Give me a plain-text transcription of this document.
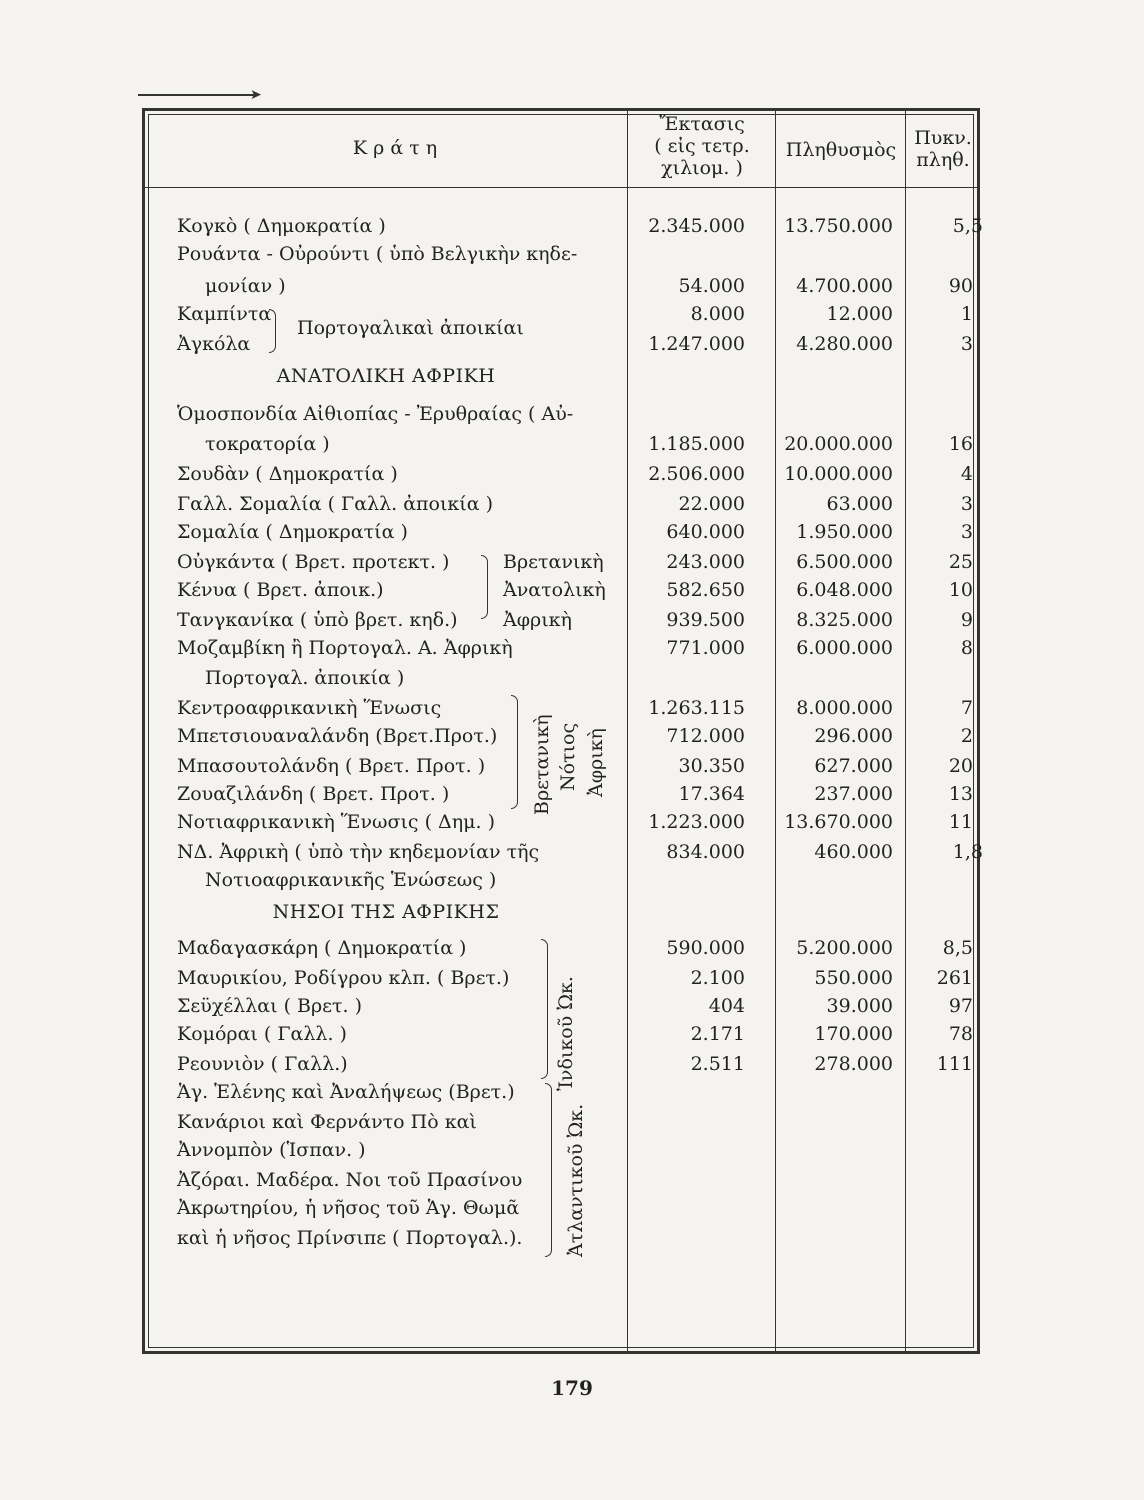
➤
Κ ρ ά τ η
Ἔκτασις
( εἰς τετρ.
χιλιομ. )
Πληθυσμὸς
Πυκν.
πληθ.
Κογκὸ ( Δημοκρατία )	2.345.000 13.750.000	5,5
Ρουάντα - Οὐρούντι ( ὑπὸ Βελγικὴν κηδε-
μονίαν )	54.000	4.700.000	90
Καμπίντα	8.000	12.000	1
Πορτογαλικαὶ ἀποικίαι
Ἀγκόλα	1.247.000	4.280.000	3
ΑΝΑΤΟΛΙΚΗ ΑΦΡΙΚΗ
Ὁμοσπονδία Αἰθιοπίας - Ἐρυθραίας ( Αὐ-
τοκρατορία )	1.185.000 20.000.000	16
Σουδὰν ( Δημοκρατία )	2.506.000 10.000.000	4
Γαλλ. Σομαλία ( Γαλλ. ἀποικία )	22.000	63.000	3
Σομαλία ( Δημοκρατία )	640.000	1.950.000	3
Οὐγκάντα ( Βρετ. προτεκτ. )	Βρετανικὴ	243.000	6.500.000	25
Κένυα ( Βρετ. ἀποικ.)	Ἀνατολικὴ	582.650	6.048.000	10
Τανγκανίκα ( ὑπὸ βρετ. κηδ.) Ἀφρικὴ	939.500	8.325.000	9
Μοζαμβίκη ἢ Πορτογαλ. Α. Ἀφρικὴ	771.000	6.000.000	8
Πορτογαλ. ἀποικία )
Κεντροαφρικανικὴ Ἕνωσις	1.263.115	8.000.000	7
Μπετσιουαναλάνδη (Βρετ.Προτ.)	712.000	296.000	2
Μπασουτολάνδη ( Βρετ. Προτ. )	30.350	627.000	20
Ζουαζιλάνδη ( Βρετ. Προτ. )	17.364	237.000	13
Βρετανικὴ Νότιος Ἀφρικὴ
Νοτιαφρικανικὴ Ἕνωσις ( Δημ. )	1.223.000 13.670.000	11
ΝΔ. Ἀφρικὴ ( ὑπὸ τὴν κηδεμονίαν τῆς	834.000	460.000	1,8
Νοτιοαφρικανικῆς Ἑνώσεως )
ΝΗΣΟΙ ΤΗΣ ΑΦΡΙΚΗΣ
Μαδαγασκάρη ( Δημοκρατία )	590.000	5.200.000	8,5
Μαυρικίου, Ροδίγρου κλπ. ( Βρετ.)	2.100	550.000 261
Σεϋχέλλαι ( Βρετ. )	404	39.000	97
Κομόραι ( Γαλλ. )	2.171	170.000	78
Ρεουνιὸν ( Γαλλ.)	2.511	278.000 111
Ἰνδικοῦ Ὠκ.
Ἁγ. Ἑλένης καὶ Ἀναλήψεως (Βρετ.)
Κανάριοι καὶ Φερνάντο Πὸ καὶ
Ἀννομπὸν (Ἱσπαν. )
Ἀζόραι. Μαδέρα. Νοι τοῦ Πρασίνου
Ἀκρωτηρίου, ἡ νῆσος τοῦ Ἁγ. Θωμᾶ
καὶ ἡ νῆσος Πρίνσιπε ( Πορτογαλ.). Ἀτλαντικοῦ Ὠκ.
179
